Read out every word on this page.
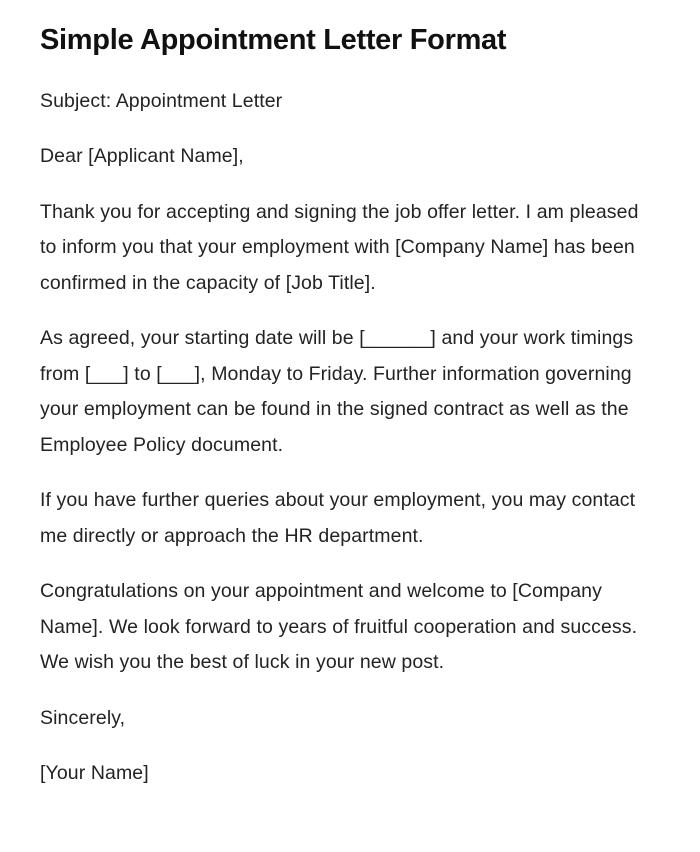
Simple Appointment Letter Format

Subject: Appointment Letter

Dear [Applicant Name],

Thank you for accepting and signing the job offer letter. I am pleased to inform you that your employment with [Company Name] has been confirmed in the capacity of [Job Title].

As agreed, your starting date will be [______] and your work timings from [___] to [___], Monday to Friday. Further information governing your employment can be found in the signed contract as well as the Employee Policy document.

If you have further queries about your employment, you may contact me directly or approach the HR department.

Congratulations on your appointment and welcome to [Company Name]. We look forward to years of fruitful cooperation and success. We wish you the best of luck in your new post.

Sincerely,

[Your Name]
